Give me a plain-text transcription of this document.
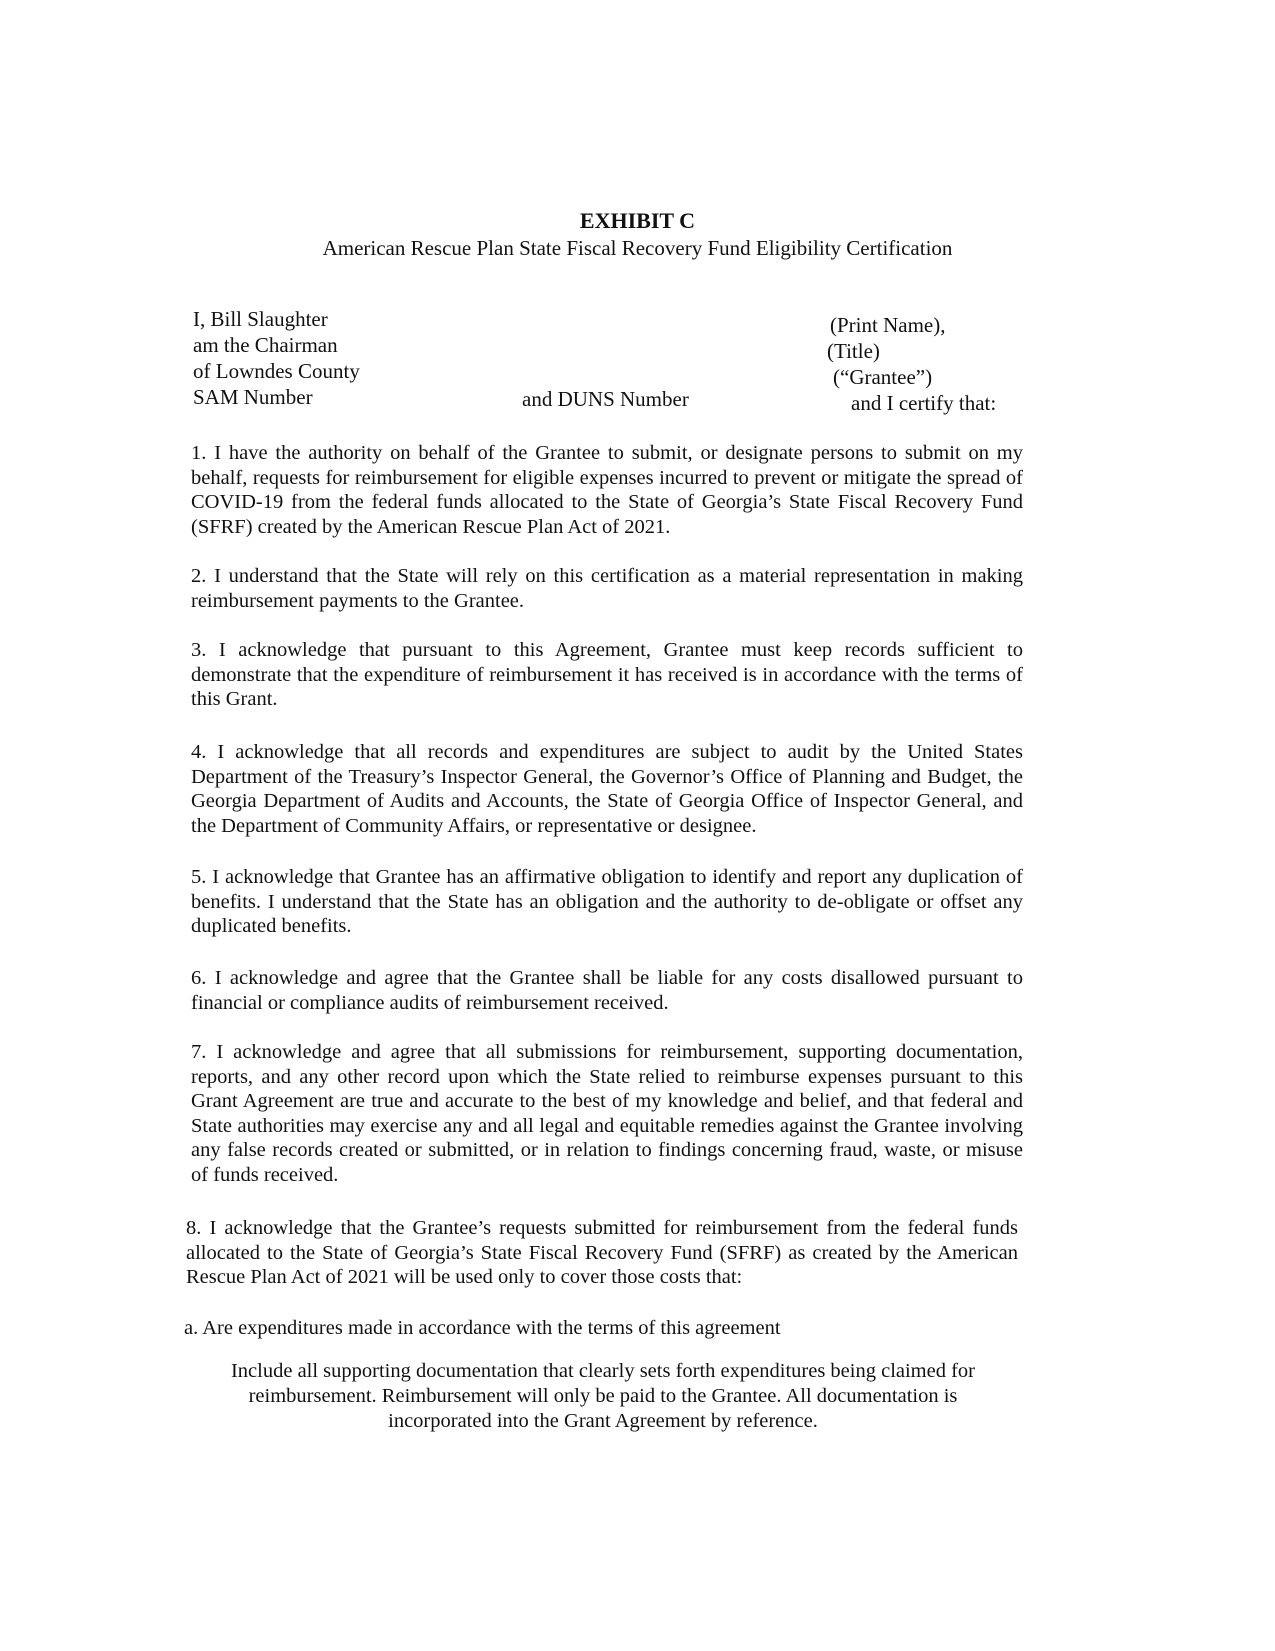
EXHIBIT C
American Rescue Plan State Fiscal Recovery Fund Eligibility Certification
I, Bill Slaughter
am the Chairman
of Lowndes County
SAM Number	and DUNS Number
(Print Name),
(Title)
(“Grantee”)
and I certify that:

1. I have the authority on behalf of the Grantee to submit, or designate persons to submit on my behalf, requests for reimbursement for eligible expenses incurred to prevent or mitigate the spread of COVID-19 from the federal funds allocated to the State of Georgia’s State Fiscal Recovery Fund (SFRF) created by the American Rescue Plan Act of 2021.

2. I understand that the State will rely on this certification as a material representation in making reimbursement payments to the Grantee.

3. I acknowledge that pursuant to this Agreement, Grantee must keep records sufficient to demonstrate that the expenditure of reimbursement it has received is in accordance with the terms of this Grant.

4. I acknowledge that all records and expenditures are subject to audit by the United States Department of the Treasury’s Inspector General, the Governor’s Office of Planning and Budget, the Georgia Department of Audits and Accounts, the State of Georgia Office of Inspector General, and the Department of Community Affairs, or representative or designee.

5. I acknowledge that Grantee has an affirmative obligation to identify and report any duplication of benefits. I understand that the State has an obligation and the authority to de-obligate or offset any duplicated benefits.

6. I acknowledge and agree that the Grantee shall be liable for any costs disallowed pursuant to financial or compliance audits of reimbursement received.

7. I acknowledge and agree that all submissions for reimbursement, supporting documentation, reports, and any other record upon which the State relied to reimburse expenses pursuant to this Grant Agreement are true and accurate to the best of my knowledge and belief, and that federal and State authorities may exercise any and all legal and equitable remedies against the Grantee involving any false records created or submitted, or in relation to findings concerning fraud, waste, or misuse of funds received.

8. I acknowledge that the Grantee’s requests submitted for reimbursement from the federal funds allocated to the State of Georgia’s State Fiscal Recovery Fund (SFRF) as created by the American Rescue Plan Act of 2021 will be used only to cover those costs that:

a. Are expenditures made in accordance with the terms of this agreement
Include all supporting documentation that clearly sets forth expenditures being claimed for reimbursement. Reimbursement will only be paid to the Grantee. All documentation is incorporated into the Grant Agreement by reference.
